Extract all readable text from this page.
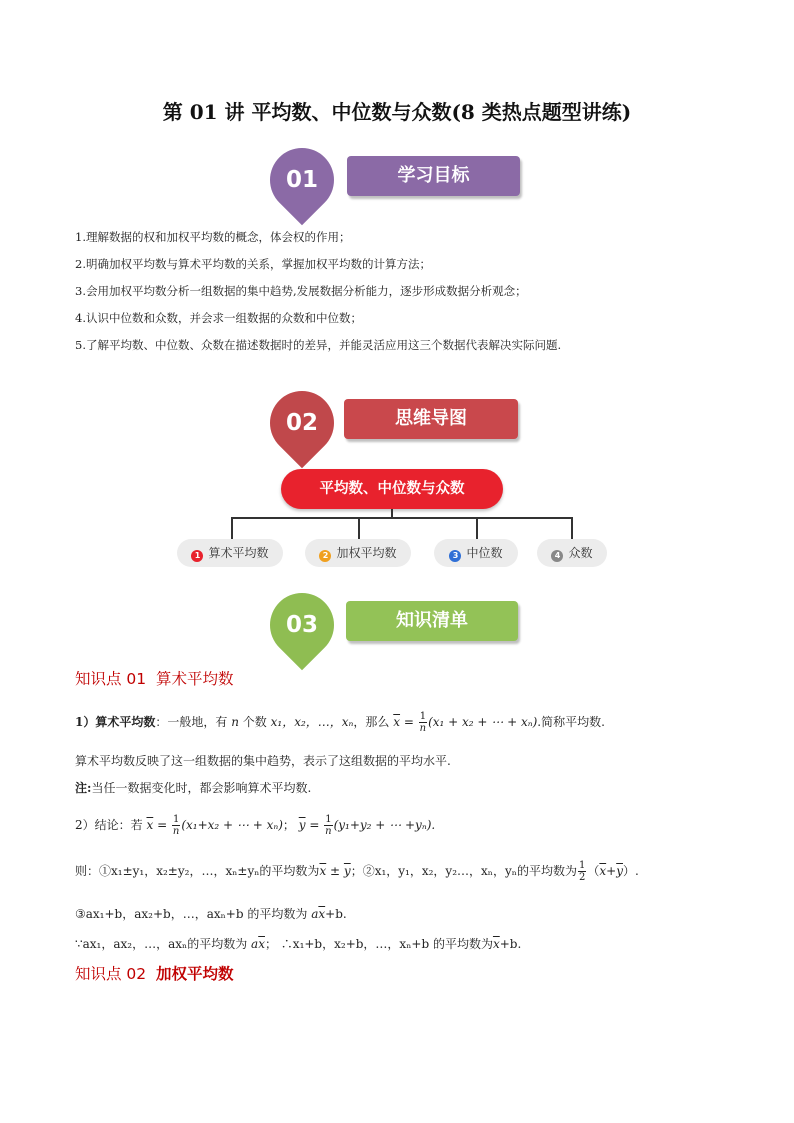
第 01 讲 平均数、中位数与众数(8 类热点题型讲练)
01	学习目标
1.理解数据的权和加权平均数的概念，体会权的作用；
2.明确加权平均数与算术平均数的关系，掌握加权平均数的计算方法；
3.会用加权平均数分析一组数据的集中趋势,发展数据分析能力，逐步形成数据分析观念；
4.认识中位数和众数，并会求一组数据的众数和中位数；
5.了解平均数、中位数、众数在描述数据时的差异，并能灵活应用这三个数据代表解决实际问题.
02	思维导图
平均数、中位数与众数
1 算术平均数	2 加权平均数	3 中位数	4 众数
03	知识清单
知识点 01 算术平均数
1）算术平均数：一般地，有 n 个数 x₁，x₂，…，xₙ，那么 $\overline{x} = \frac{1}{n} (x_1 + x_2$ + ⋯ + xₙ).简称平均数.
算术平均数反映了这一组数据的集中趋势，表示了这组数据的平均水平.
注:当任一数据变化时，都会影响算术平均数.
2）结论：若 $\overline{x} = \frac{1}{n} (x_1+x_2$ + ⋯ + xₙ)； $\overline{y} = \frac{1}{n} (y_1+y_2$ + ⋯ +yₙ).
则：①x₁±y₁，x₂±y₂，…，xₙ±yₙ的平均数为$\overline{x} \pm \overline{y}$；②x₁，y₁，x₂，y₂…，xₙ，yₙ的平均数为 $\frac{1}{2} (\overline{x}+\overline{y})$.
③ax₁+b，ax₂+b，…，axₙ+b 的平均数为 $a\overline{x}+b$.
∵ax₁，ax₂，…，axₙ的平均数为 $a\overline{x}$； ∴x₁+b，x₂+b，…，xₙ+b 的平均数为$\overline{x}+b$.
知识点 02 加权平均数
